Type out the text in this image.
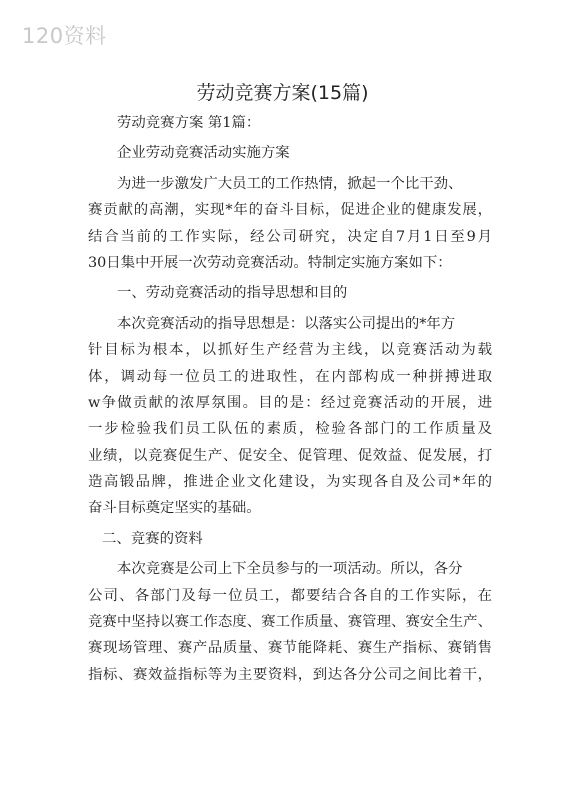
120资料
劳动竞赛方案(15篇)
劳动竞赛方案 第1篇：
企业劳动竞赛活动实施方案
为进一步激发广大员工的工作热情，掀起一个比干劲、
赛贡献的高潮，实现*年的奋斗目标，促进企业的健康发展，
结合当前的工作实际，经公司研究，决定自7月1日至9月
30日集中开展一次劳动竞赛活动。特制定实施方案如下：
一、劳动竞赛活动的指导思想和目的
本次竞赛活动的指导思想是：以落实公司提出的*年方
针目标为根本，以抓好生产经营为主线，以竞赛活动为载
体，调动每一位员工的进取性，在内部构成一种拼搏进取
w争做贡献的浓厚氛围。目的是：经过竞赛活动的开展，进
一步检验我们员工队伍的素质，检验各部门的工作质量及
业绩，以竞赛促生产、促安全、促管理、促效益、促发展，打
造高锻品牌，推进企业文化建设，为实现各自及公司*年的
奋斗目标奠定坚实的基础。
二、竞赛的资料
本次竞赛是公司上下全员参与的一项活动。所以，各分
公司、各部门及每一位员工，都要结合各自的工作实际，在
竞赛中坚持以赛工作态度、赛工作质量、赛管理、赛安全生产、
赛现场管理、赛产品质量、赛节能降耗、赛生产指标、赛销售
指标、赛效益指标等为主要资料，到达各分公司之间比着干，
